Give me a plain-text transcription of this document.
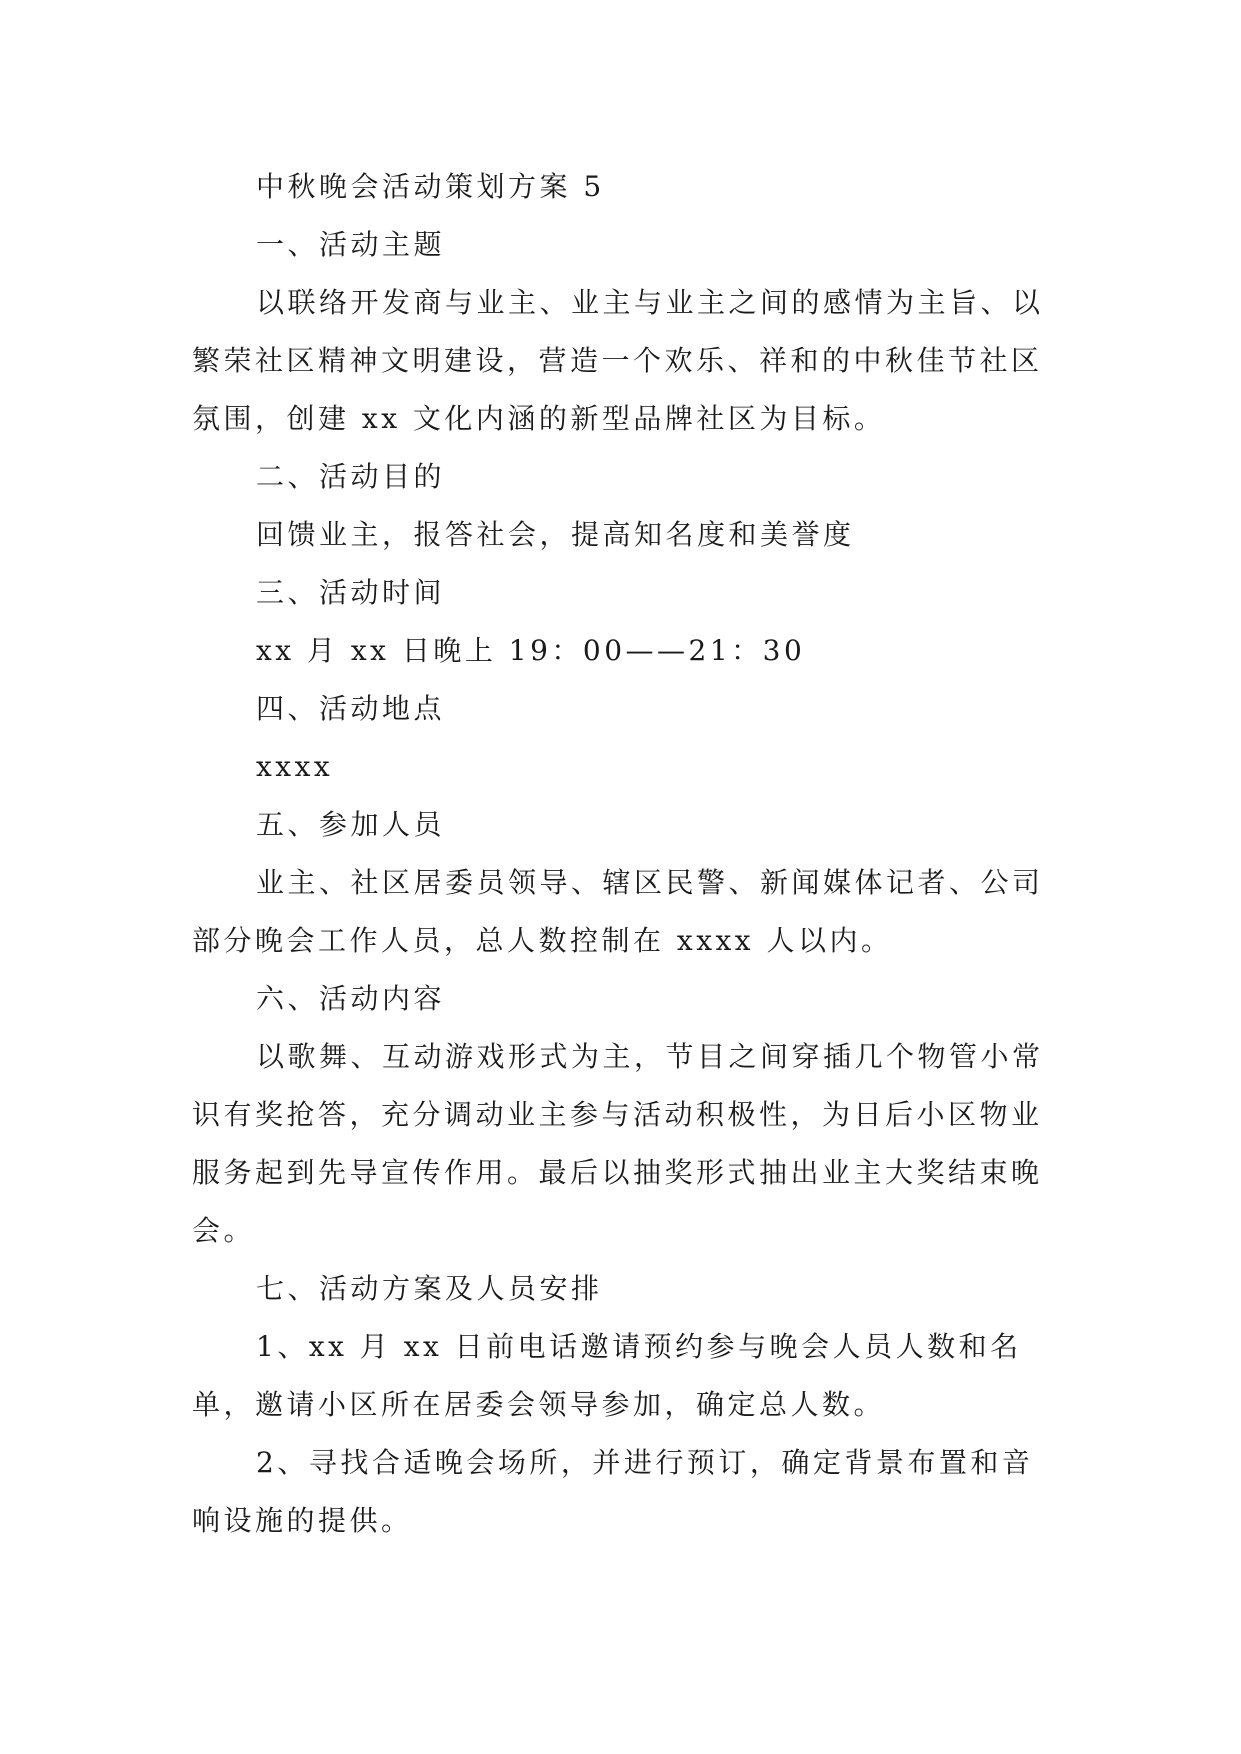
中秋晚会活动策划方案 5

一、活动主题

以联络开发商与业主、业主与业主之间的感情为主旨、以繁荣社区精神文明建设，营造一个欢乐、祥和的中秋佳节社区氛围，创建 xx 文化内涵的新型品牌社区为目标。

二、活动目的

回馈业主，报答社会，提高知名度和美誉度

三、活动时间

xx 月 xx 日晚上 19：00——21：30

四、活动地点

xxxx

五、参加人员

业主、社区居委员领导、辖区民警、新闻媒体记者、公司部分晚会工作人员，总人数控制在 xxxx 人以内。

六、活动内容

以歌舞、互动游戏形式为主，节目之间穿插几个物管小常识有奖抢答，充分调动业主参与活动积极性，为日后小区物业服务起到先导宣传作用。最后以抽奖形式抽出业主大奖结束晚会。

七、活动方案及人员安排

1、xx 月 xx 日前电话邀请预约参与晚会人员人数和名单，邀请小区所在居委会领导参加，确定总人数。

2、寻找合适晚会场所，并进行预订，确定背景布置和音响设施的提供。
